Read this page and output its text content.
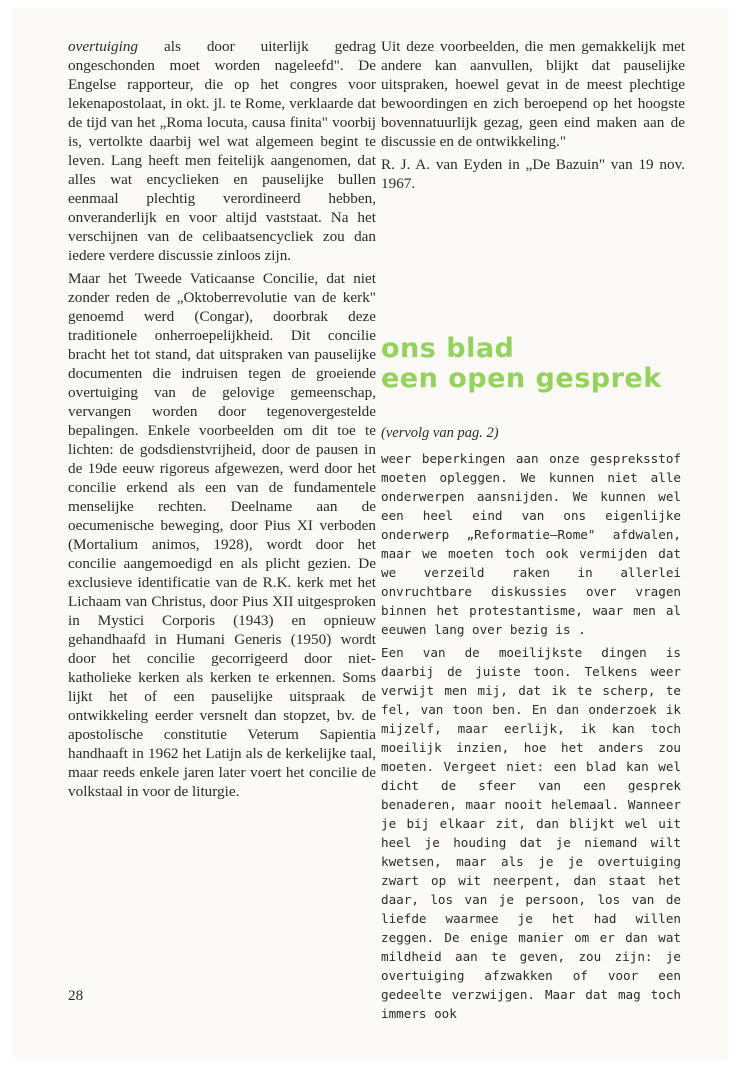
overtuiging als door uiterlijk gedrag ongeschonden moet worden nageleefd". De Engelse rapporteur, die op het congres voor lekenapostolaat, in okt. jl. te Rome, verklaarde dat de tijd van het „Roma locuta, causa finita" voorbij is, vertolkte daarbij wel wat algemeen begint te leven. Lang heeft men feitelijk aangenomen, dat alles wat encyclieken en pauselijke bullen eenmaal plechtig verordineerd hebben, onveranderlijk en voor altijd vaststaat. Na het verschijnen van de celibaatsencycliek zou dan iedere verdere discussie zinloos zijn.

Maar het Tweede Vaticaanse Concilie, dat niet zonder reden de „Oktoberrevolutie van de kerk" genoemd werd (Congar), doorbrak deze traditionele onherroepelijkheid. Dit concilie bracht het tot stand, dat uitspraken van pauselijke documenten die indruisen tegen de groeiende overtuiging van de gelovige gemeenschap, vervangen worden door tegenovergestelde bepalingen. Enkele voorbeelden om dit toe te lichten: de godsdienstvrijheid, door de pausen in de 19de eeuw rigoreus afgewezen, werd door het concilie erkend als een van de fundamentele menselijke rechten. Deelname aan de oecumenische beweging, door Pius XI verboden (Mortalium animos, 1928), wordt door het concilie aangemoedigd en als plicht gezien. De exclusieve identificatie van de R.K. kerk met het Lichaam van Christus, door Pius XII uitgesproken in Mystici Corporis (1943) en opnieuw gehandhaafd in Humani Generis (1950) wordt door het concilie gecorrigeerd door niet-katholieke kerken als kerken te erkennen. Soms lijkt het of een pauselijke uitspraak de ontwikkeling eerder versnelt dan stopzet, bv. de apostolische constitutie Veterum Sapientia handhaaft in 1962 het Latijn als de kerkelijke taal, maar reeds enkele jaren later voert het concilie de volkstaal in voor de liturgie.

Uit deze voorbeelden, die men gemakkelijk met andere kan aanvullen, blijkt dat pauselijke uitspraken, hoewel gevat in de meest plechtige bewoordingen en zich beroepend op het hoogste bovennatuurlijk gezag, geen eind maken aan de discussie en de ontwikkeling."

R. J. A. van Eyden in „De Bazuin" van 19 nov. 1967.

ons blad
een open gesprek
(vervolg van pag. 2)

weer beperkingen aan onze gespreksstof moeten opleggen. We kunnen niet alle onderwerpen aansnijden. We kunnen wel een heel eind van ons eigenlijke onderwerp „Reformatie—Rome" afdwalen, maar we moeten toch ook vermijden dat we verzeild raken in allerlei onvruchtbare diskussies over vragen binnen het protestantisme, waar men al eeuwen lang over bezig is .

Een van de moeilijkste dingen is daarbij de juiste toon. Telkens weer verwijt men mij, dat ik te scherp, te fel, van toon ben. En dan onderzoek ik mijzelf, maar eerlijk, ik kan toch moeilijk inzien, hoe het anders zou moeten. Vergeet niet: een blad kan wel dicht de sfeer van een gesprek benaderen, maar nooit helemaal. Wanneer je bij elkaar zit, dan blijkt wel uit heel je houding dat je niemand wilt kwetsen, maar als je je overtuiging zwart op wit neerpent, dan staat het daar, los van je persoon, los van de liefde waarmee je het had willen zeggen. De enige manier om er dan wat mildheid aan te geven, zou zijn: je overtuiging afzwakken of voor een gedeelte verzwijgen. Maar dat mag toch immers ook

28
